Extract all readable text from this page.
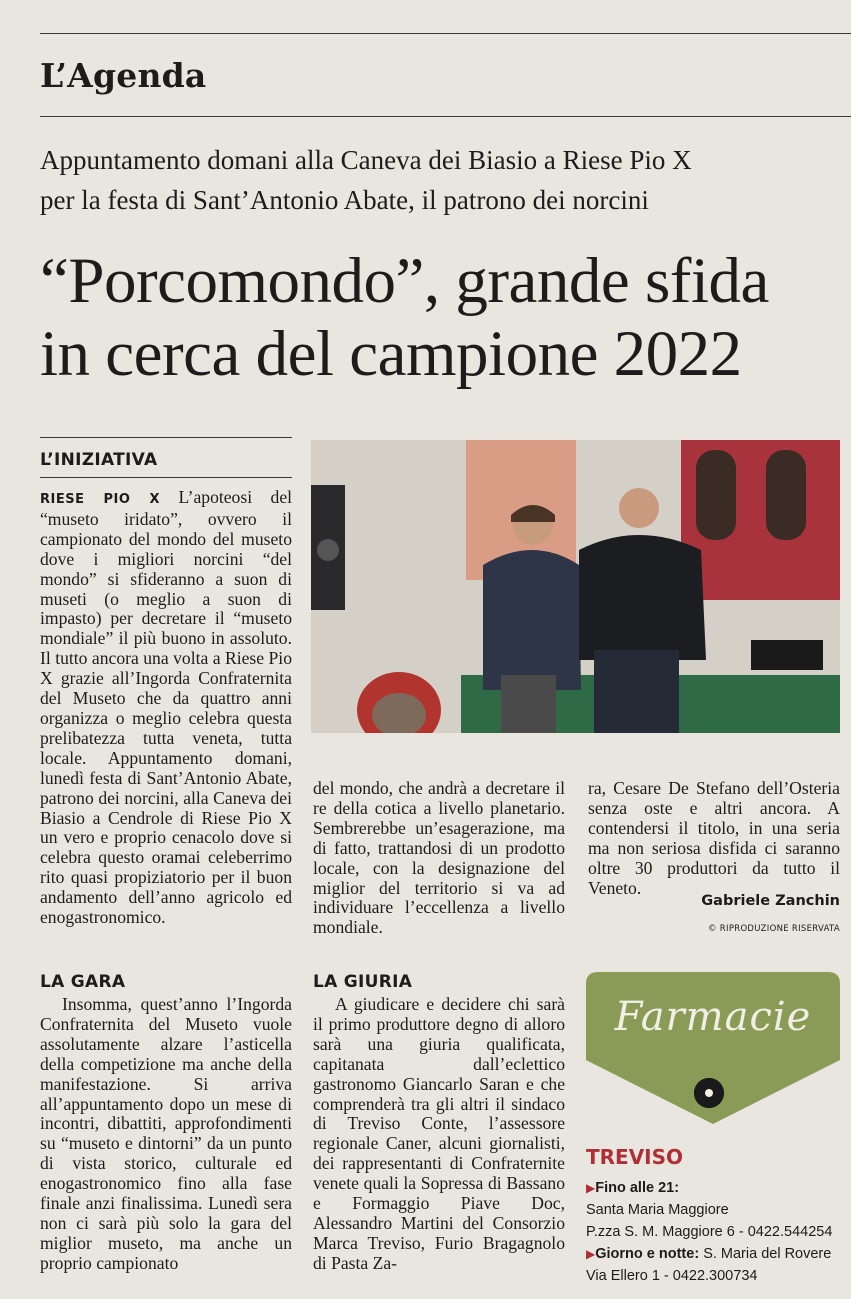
L’Agenda
Appuntamento domani alla Caneva dei Biasio a Riese Pio X
per la festa di Sant’Antonio Abate, il patrono dei norcini
“Porcomondo”, grande sfida
in cerca del campione 2022
L’INIZIATIVA

RIESE PIO X L’apoteosi del “museto iridato”, ovvero il campionato del mondo del museto dove i migliori norcini “del mondo” si sfideranno a suon di museti (o meglio a suon di impasto) per decretare il “museto mondiale” il più buono in assoluto. Il tutto ancora una volta a Riese Pio X grazie all’Ingorda Confraternita del Museto che da quattro anni organizza o meglio celebra questa prelibatezza tutta veneta, tutta locale. Appuntamento domani, lunedì festa di Sant’Antonio Abate, patrono dei norcini, alla Caneva dei Biasio a Cendrole di Riese Pio X un vero e proprio cenacolo dove si celebra questo oramai celeberrimo rito quasi propiziatorio per il buon andamento dell’anno agricolo ed enogastronomico.

LA GARA

Insomma, quest’anno l’Ingorda Confraternita del Museto vuole assolutamente alzare l’asticella della competizione ma anche della manifestazione. Si arriva all’appuntamento dopo un mese di incontri, dibattiti, approfondimenti su “museto e dintorni” da un punto di vista storico, culturale ed enogastronomico fino alla fase finale anzi finalissima. Lunedì sera non ci sarà più solo la gara del miglior museto, ma anche un proprio campionato

del mondo, che andrà a decretare il re della cotica a livello planetario. Sembrerebbe un’esagerazione, ma di fatto, trattandosi di un prodotto locale, con la designazione del miglior del territorio si va ad individuare l’eccellenza a livello mondiale.

LA GIURIA

A giudicare e decidere chi sarà il primo produttore degno di alloro sarà una giuria qualificata, capitanata dall’eclettico gastronomo Giancarlo Saran e che comprenderà tra gli altri il sindaco di Treviso Conte, l’assessore regionale Caner, alcuni giornalisti, dei rappresentanti di Confraternite venete quali la Sopressa di Bassano e Formaggio Piave Doc, Alessandro Martini del Consorzio Marca Treviso, Furio Bragagnolo di Pasta Za-

ra, Cesare De Stefano dell’Osteria senza oste e altri ancora. A contendersi il titolo, in una seria ma non seriosa disfida ci saranno oltre 30 produttori da tutto il Veneto.

Gabriele Zanchin
© RIPRODUZIONE RISERVATA
Farmacie
TREVISO
▶Fino alle 21:
Santa Maria Maggiore
P.zza S. M. Maggiore 6 - 0422.544254
▶Giorno e notte: S. Maria del Rovere
Via Ellero 1 - 0422.300734
